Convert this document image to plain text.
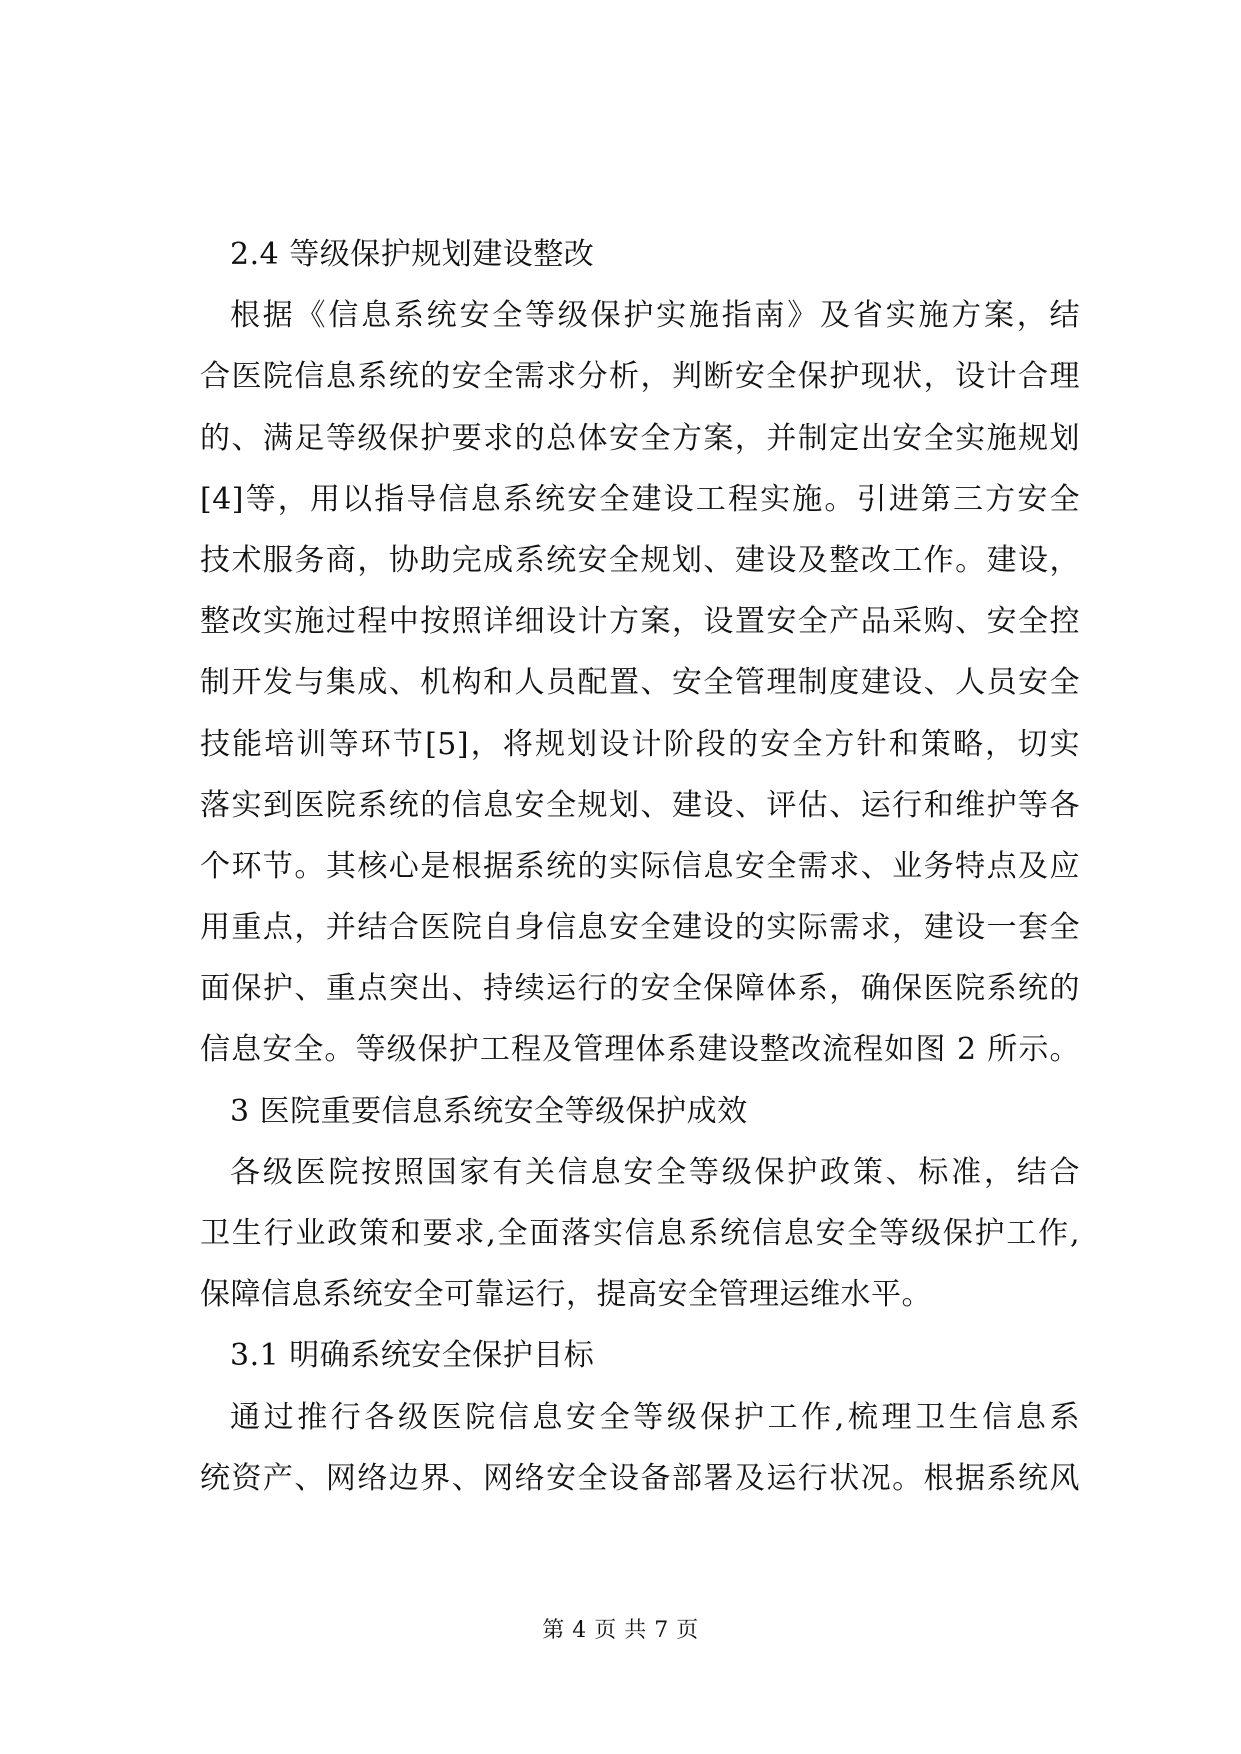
2.4 等级保护规划建设整改
根据《信息系统安全等级保护实施指南》及省实施方案，结
合医院信息系统的安全需求分析，判断安全保护现状，设计合理
的、满足等级保护要求的总体安全方案，并制定出安全实施规划
[4]等，用以指导信息系统安全建设工程实施。引进第三方安全
技术服务商，协助完成系统安全规划、建设及整改工作。建设，
整改实施过程中按照详细设计方案，设置安全产品采购、安全控
制开发与集成、机构和人员配置、安全管理制度建设、人员安全
技能培训等环节[5]，将规划设计阶段的安全方针和策略，切实
落实到医院系统的信息安全规划、建设、评估、运行和维护等各
个环节。其核心是根据系统的实际信息安全需求、业务特点及应
用重点，并结合医院自身信息安全建设的实际需求，建设一套全
面保护、重点突出、持续运行的安全保障体系，确保医院系统的
信息安全。等级保护工程及管理体系建设整改流程如图 2 所示。
3 医院重要信息系统安全等级保护成效
各级医院按照国家有关信息安全等级保护政策、标准，结合
卫生行业政策和要求,全面落实信息系统信息安全等级保护工作,
保障信息系统安全可靠运行，提高安全管理运维水平。
3.1 明确系统安全保护目标
通过推行各级医院信息安全等级保护工作,梳理卫生信息系
统资产、网络边界、网络安全设备部署及运行状况。根据系统风
第 4 页 共 7 页
